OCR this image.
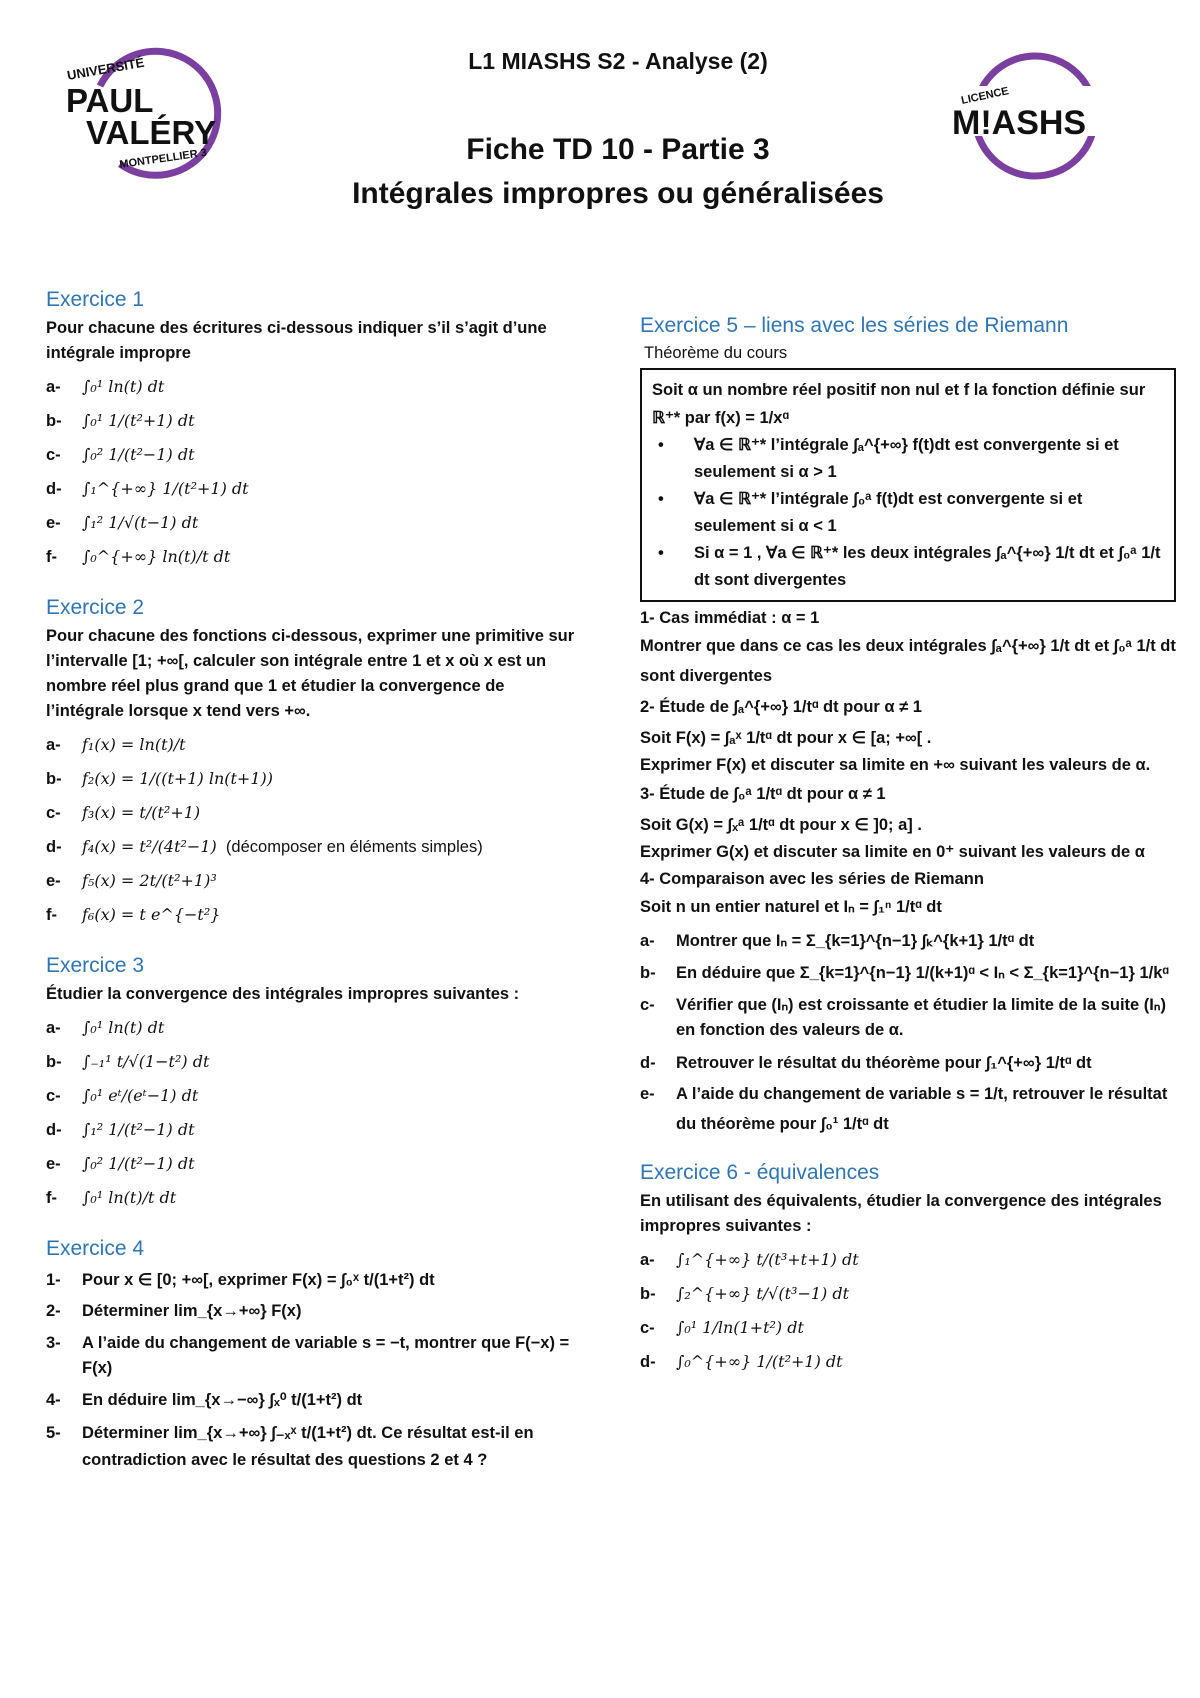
UNIVERSITÉ
PAUL
VALÉRY
MONTPELLIER 3
LICENCE
M!ASHS
L1 MIASHS S2 - Analyse (2)
Fiche TD 10 - Partie 3
Intégrales impropres ou généralisées
Exercice 1

Pour chacune des écritures ci-dessous indiquer s’il s’agit d’une intégrale impropre

a-	∫₀¹ ln(t) dt
b-	∫₀¹ 1/(t²+1) dt
c-	∫₀² 1/(t²−1) dt
d-	∫₁^{+∞} 1/(t²+1) dt
e-	∫₁² 1/√(t−1) dt
f-	∫₀^{+∞} ln(t)/t dt
Exercice 2

Pour chacune des fonctions ci-dessous, exprimer une primitive sur l’intervalle [1; +∞[, calculer son intégrale entre 1 et x où x est un nombre réel plus grand que 1 et étudier la convergence de l’intégrale lorsque x tend vers +∞.

a-	f₁(x) = ln(t)/t
b-	f₂(x) = 1/((t+1) ln(t+1))
c-	f₃(x) = t/(t²+1)
d-	f₄(x) = t²/(4t²−1) (décomposer en éléments simples)
e-	f₅(x) = 2t/(t²+1)³
f-	f₆(x) = t e^{−t²}
Exercice 3

Étudier la convergence des intégrales impropres suivantes :

a-	∫₀¹ ln(t) dt
b-	∫₋₁¹ t/√(1−t²) dt
c-	∫₀¹ eᵗ/(eᵗ−1) dt
d-	∫₁² 1/(t²−1) dt
e-	∫₀² 1/(t²−1) dt
f-	∫₀¹ ln(t)/t dt
Exercice 4
1-	Pour x ∈ [0; +∞[, exprimer F(x) = ∫₀ˣ t/(1+t²) dt
2-	Déterminer lim_{x→+∞} F(x)
3-	A l’aide du changement de variable s = −t, montrer que F(−x) = F(x)
4-	En déduire lim_{x→−∞} ∫ₓ⁰ t/(1+t²) dt
5-	Déterminer lim_{x→+∞} ∫₋ₓˣ t/(1+t²) dt. Ce résultat est-il en contradiction avec le résultat des questions 2 et 4 ?
Exercice 5 – liens avec les séries de Riemann
Théorème du cours

Soit α un nombre réel positif non nul et f la fonction définie sur ℝ⁺* par f(x) = 1/xᵅ

•	∀a ∈ ℝ⁺* l’intégrale ∫ₐ^{+∞} f(t)dt est convergente si et seulement si α > 1
•	∀a ∈ ℝ⁺* l’intégrale ∫₀ᵃ f(t)dt est convergente si et seulement si α < 1
•	Si α = 1 , ∀a ∈ ℝ⁺* les deux intégrales ∫ₐ^{+∞} 1/t dt et ∫₀ᵃ 1/t dt sont divergentes

1- Cas immédiat : α = 1

Montrer que dans ce cas les deux intégrales ∫ₐ^{+∞} 1/t dt et ∫₀ᵃ 1/t dt sont divergentes

2- Étude de ∫ₐ^{+∞} 1/tᵅ dt pour α ≠ 1

Soit F(x) = ∫ₐˣ 1/tᵅ dt pour x ∈ [a; +∞[ .

Exprimer F(x) et discuter sa limite en +∞ suivant les valeurs de α.

3- Étude de ∫₀ᵃ 1/tᵅ dt pour α ≠ 1

Soit G(x) = ∫ₓᵃ 1/tᵅ dt pour x ∈ ]0; a] .

Exprimer G(x) et discuter sa limite en 0⁺ suivant les valeurs de α

4- Comparaison avec les séries de Riemann

Soit n un entier naturel et Iₙ = ∫₁ⁿ 1/tᵅ dt

a-	Montrer que Iₙ = Σ_{k=1}^{n−1} ∫ₖ^{k+1} 1/tᵅ dt
b-	En déduire que Σ_{k=1}^{n−1} 1/(k+1)ᵅ < Iₙ < Σ_{k=1}^{n−1} 1/kᵅ
c-	Vérifier que (Iₙ) est croissante et étudier la limite de la suite (Iₙ) en fonction des valeurs de α.
d-	Retrouver le résultat du théorème pour ∫₁^{+∞} 1/tᵅ dt
e-	A l’aide du changement de variable s = 1/t, retrouver le résultat du théorème pour ∫₀¹ 1/tᵅ dt
Exercice 6 - équivalences

En utilisant des équivalents, étudier la convergence des intégrales impropres suivantes :

a-	∫₁^{+∞} t/(t³+t+1) dt
b-	∫₂^{+∞} t/√(t³−1) dt
c-	∫₀¹ 1/ln(1+t²) dt
d-	∫₀^{+∞} 1/(t²+1) dt
